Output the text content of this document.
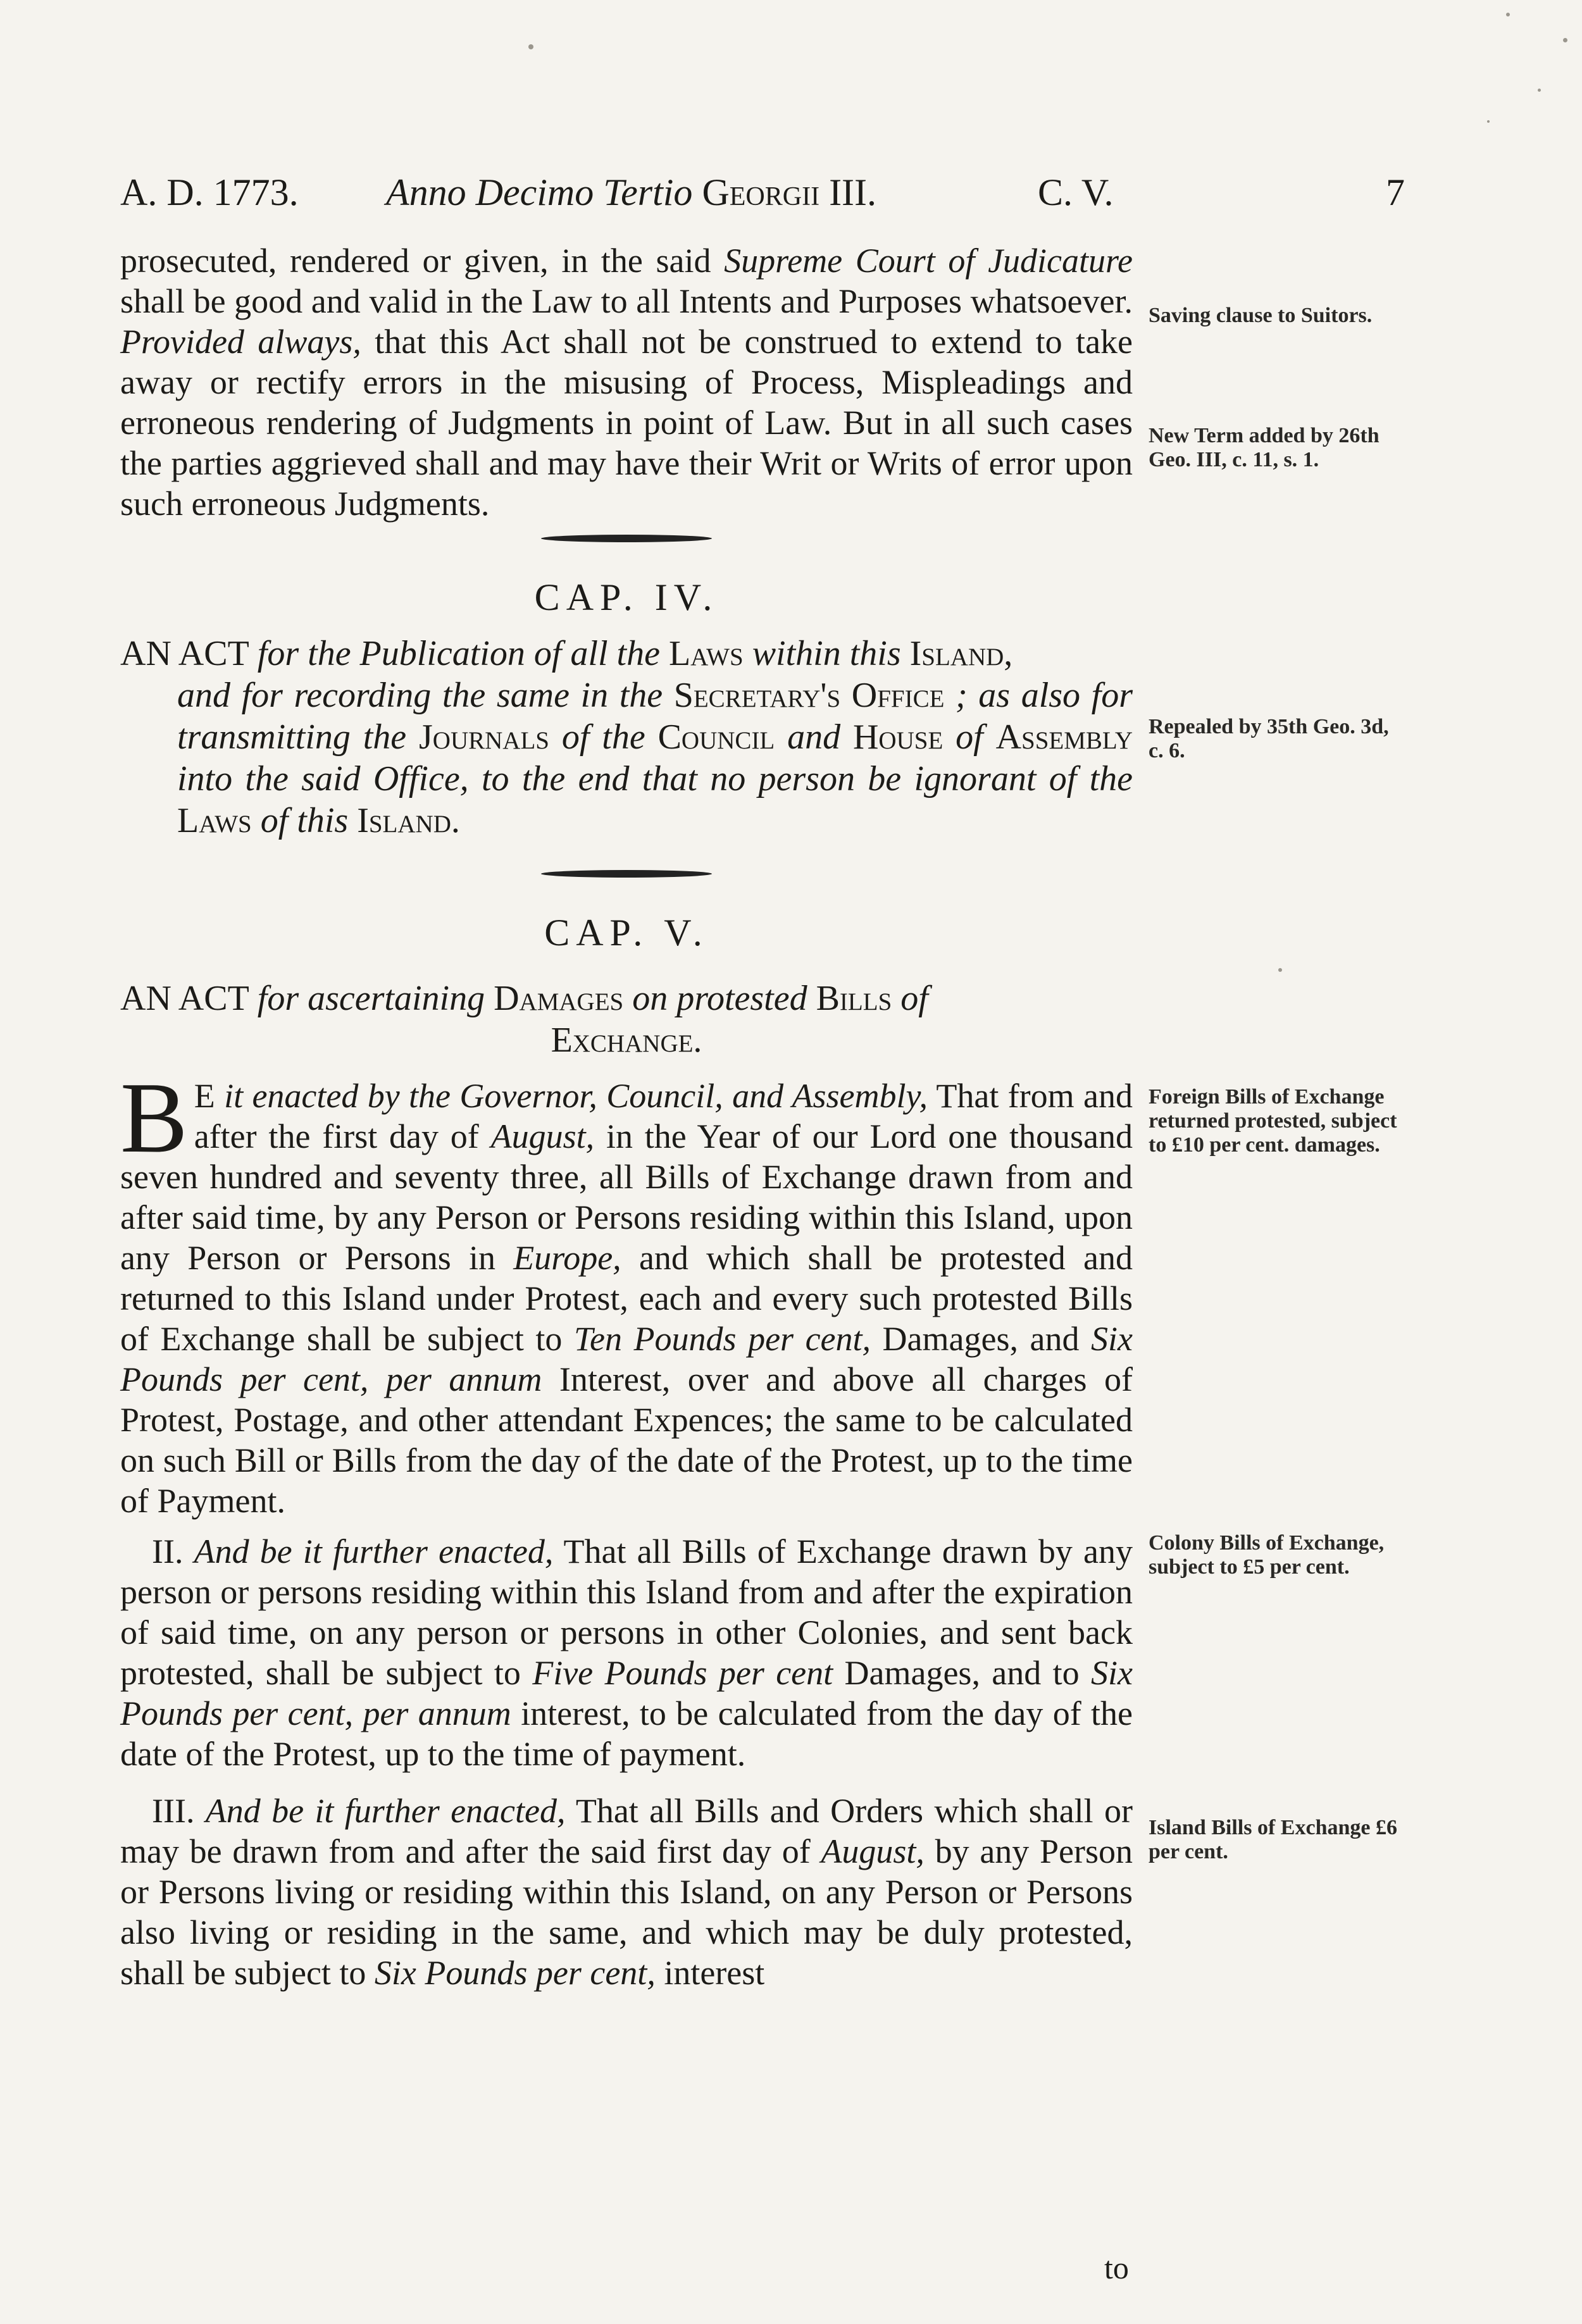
A. D. 1773. Anno Decimo Tertio Georgii III.	C. V.	7

prosecuted, rendered or given, in the said Supreme Court of Judicature shall be good and valid in the Law to all Intents and Purposes whatsoever. Provided always, that this Act shall not be construed to extend to take away or rectify errors in the misusing of Process, Mispleadings and erroneous rendering of Judgments in point of Law. But in all such cases the parties aggrieved shall and may have their Writ or Writs of error upon such erroneous Judgments.

CAP. IV.
AN ACT for the Publication of all the Laws within this Island,
and for recording the same in the Secretary's Office ; as also for transmitting the Journals of the Council and House of Assembly into the said Office, to the end that no person be ignorant of the Laws of this Island.
CAP. V.
AN ACT for ascertaining Damages on protested Bills of
Exchange.

B E it enacted by the Governor, Council, and Assembly, That from and after the first day of August, in the Year of our Lord one thousand seven hundred and seventy three, all Bills of Exchange drawn from and after said time, by any Person or Persons residing within this Island, upon any Person or Persons in Europe, and which shall be protested and returned to this Island under Protest, each and every such protested Bills of Exchange shall be subject to Ten Pounds per cent, Damages, and Six Pounds per cent, per annum Interest, over and above all charges of Protest, Postage, and other attendant Expences; the same to be calculated on such Bill or Bills from the day of the date of the Protest, up to the time of Payment.

II. And be it further enacted, That all Bills of Exchange drawn by any person or persons residing within this Island from and after the expiration of said time, on any person or persons in other Colonies, and sent back protested, shall be subject to Five Pounds per cent Damages, and to Six Pounds per cent, per annum interest, to be calculated from the day of the date of the Protest, up to the time of payment.

III. And be it further enacted, That all Bills and Orders which shall or may be drawn from and after the said first day of August, by any Person or Persons living or residing within this Island, on any Person or Persons also living or residing in the same, and which may be duly protested, shall be subject to Six Pounds per cent, interest

to
Saving clause to Suitors.
New Term added by 26th Geo. III, c. 11, s. 1.
Repealed by 35th Geo. 3d, c. 6.
Foreign Bills of Exchange returned protested, subject to £10 per cent. damages.
Colony Bills of Exchange, subject to £5 per cent.
Island Bills of Exchange £6 per cent.
